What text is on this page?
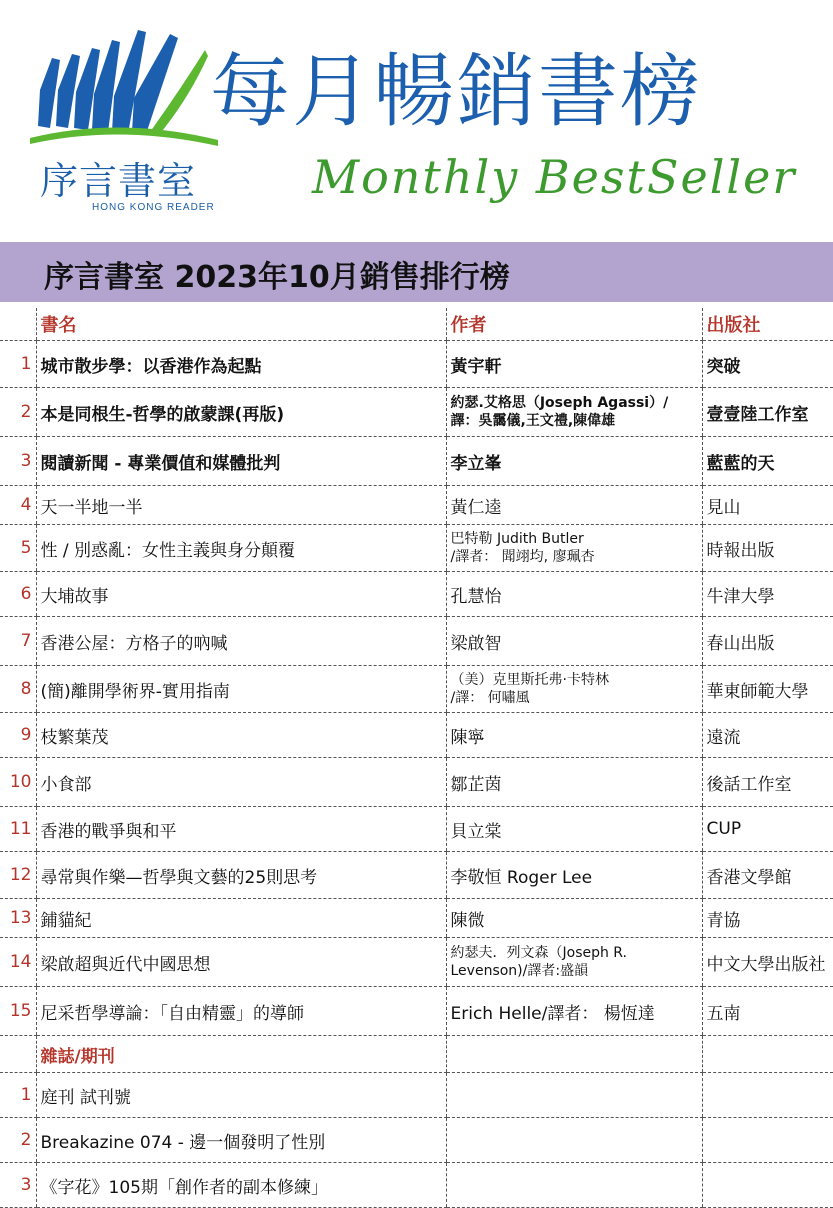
序言書室
HONG KONG READER
每月暢銷書榜
Monthly BestSeller
序言書室 2023年10月銷售排行榜
	書名	作者	出版社
1	城市散步學：以香港作為起點	黃宇軒	突破
2	本是同根生-哲學的啟蒙課(再版)	約瑟.艾格思（Joseph Agassi）/
譯：吳靄儀,王文禮,陳偉雄	壹壹陸工作室
3	閱讀新聞 - 專業價值和媒體批判	李立峯	藍藍的天
4	天一半地一半	黃仁逵	見山
5	性 / 別惑亂：女性主義與身分顛覆	巴特勒 Judith Butler
/譯者： 聞翊均, 廖珮杏	時報出版
6	大埔故事	孔慧怡	牛津大學
7	香港公屋：方格子的吶喊	梁啟智	春山出版
8	(簡)離開學術界-實用指南	（美）克里斯托弗·卡特林
/譯： 何嘯風	華東師範大學
9	枝繁葉茂	陳寧	遠流
10	小食部	鄒芷茵	後話工作室
11	香港的戰爭與和平	貝立棠	CUP
12	尋常與作樂—哲學與文藝的25則思考	李敬恒 Roger Lee	香港文學館
13	鋪貓紀	陳微	青協
14	梁啟超與近代中國思想	約瑟夫．列文森（Joseph R.
Levenson)/譯者:盛韻	中文大學出版社
15	尼采哲學導論：「自由精靈」的導師	Erich Helle/譯者： 楊恆達	五南
	雜誌/期刊		
1	庭刊 試刊號		
2	Breakazine 074 - 邊一個發明了性別		
3	《字花》105期「創作者的副本修練」		
